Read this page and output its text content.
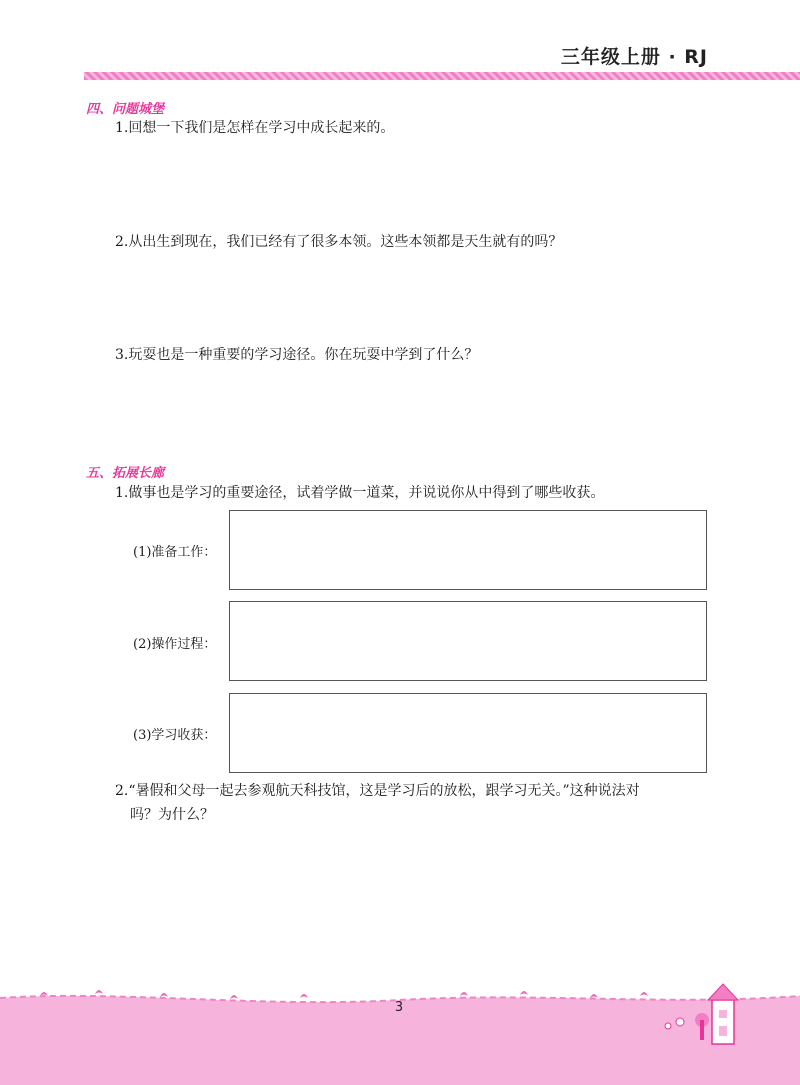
三年级上册 · RJ
四、问题城堡
1.回想一下我们是怎样在学习中成长起来的。
2.从出生到现在，我们已经有了很多本领。这些本领都是天生就有的吗？
3.玩耍也是一种重要的学习途径。你在玩耍中学到了什么？
五、拓展长廊
1.做事也是学习的重要途径，试着学做一道菜，并说说你从中得到了哪些收获。
(1)准备工作：
(2)操作过程：
(3)学习收获：
2.“暑假和父母一起去参观航天科技馆，这是学习后的放松，跟学习无关。”这种说法对
吗？为什么？
3
